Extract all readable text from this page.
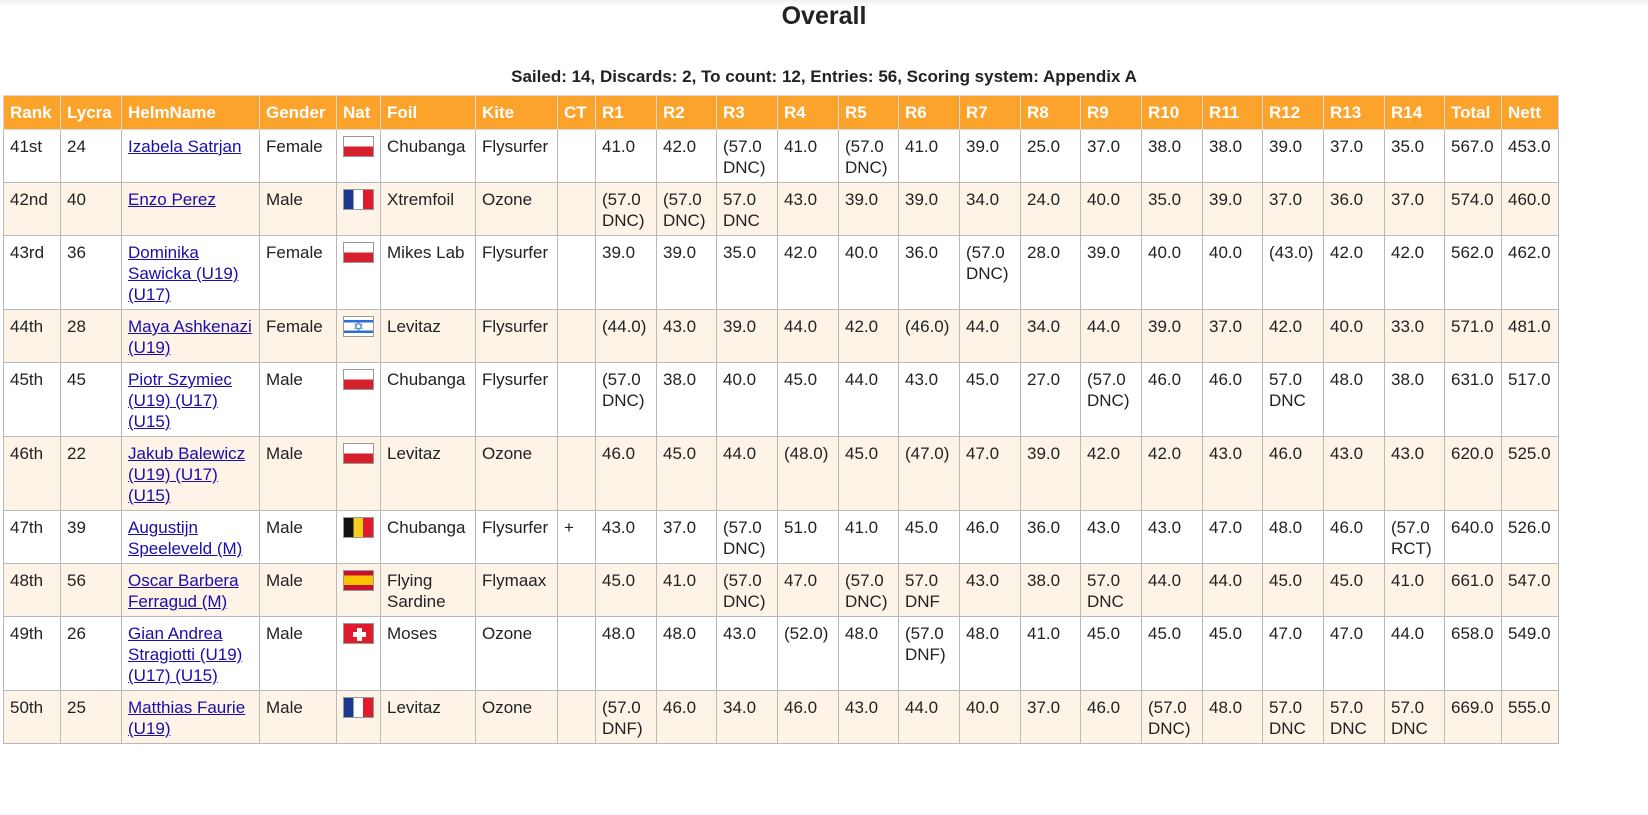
Overall
Sailed: 14, Discards: 2, To count: 12, Entries: 56, Scoring system: Appendix A
Rank	Lycra	HelmName	Gender	Nat	Foil	Kite	CT	R1	R2	R3	R4	R5	R6	R7	R8	R9	R10	R11	R12	R13	R14	Total	Nett
41st	24	Izabela Satrjan	Female		Chubanga	Flysurfer		41.0	42.0	(57.0 DNC)	41.0	(57.0 DNC)	41.0	39.0	25.0	37.0	38.0	38.0	39.0	37.0	35.0	567.0	453.0
42nd	40	Enzo Perez	Male		Xtremfoil	Ozone		(57.0 DNC)	(57.0 DNC)	57.0 DNC	43.0	39.0	39.0	34.0	24.0	40.0	35.0	39.0	37.0	36.0	37.0	574.0	460.0
43rd	36	Dominika Sawicka (U19) (U17)	Female		Mikes Lab	Flysurfer		39.0	39.0	35.0	42.0	40.0	36.0	(57.0 DNC)	28.0	39.0	40.0	40.0	(43.0)	42.0	42.0	562.0	462.0
44th	28	Maya Ashkenazi (U19)	Female	✡	Levitaz	Flysurfer		(44.0)	43.0	39.0	44.0	42.0	(46.0)	44.0	34.0	44.0	39.0	37.0	42.0	40.0	33.0	571.0	481.0
45th	45	Piotr Szymiec (U19) (U17) (U15)	Male		Chubanga	Flysurfer		(57.0 DNC)	38.0	40.0	45.0	44.0	43.0	45.0	27.0	(57.0 DNC)	46.0	46.0	57.0 DNC	48.0	38.0	631.0	517.0
46th	22	Jakub Balewicz (U19) (U17) (U15)	Male		Levitaz	Ozone		46.0	45.0	44.0	(48.0)	45.0	(47.0)	47.0	39.0	42.0	42.0	43.0	46.0	43.0	43.0	620.0	525.0
47th	39	Augustijn Speeleveld (M)	Male		Chubanga	Flysurfer	+	43.0	37.0	(57.0 DNC)	51.0	41.0	45.0	46.0	36.0	43.0	43.0	47.0	48.0	46.0	(57.0 RCT)	640.0	526.0
48th	56	Oscar Barbera Ferragud (M)	Male		Flying Sardine	Flymaax		45.0	41.0	(57.0 DNC)	47.0	(57.0 DNC)	57.0 DNF	43.0	38.0	57.0 DNC	44.0	44.0	45.0	45.0	41.0	661.0	547.0
49th	26	Gian Andrea Stragiotti (U19) (U17) (U15)	Male		Moses	Ozone		48.0	48.0	43.0	(52.0)	48.0	(57.0 DNF)	48.0	41.0	45.0	45.0	45.0	47.0	47.0	44.0	658.0	549.0
50th	25	Matthias Faurie (U19)	Male		Levitaz	Ozone		(57.0 DNF)	46.0	34.0	46.0	43.0	44.0	40.0	37.0	46.0	(57.0 DNC)	48.0	57.0 DNC	57.0 DNC	57.0 DNC	669.0	555.0
